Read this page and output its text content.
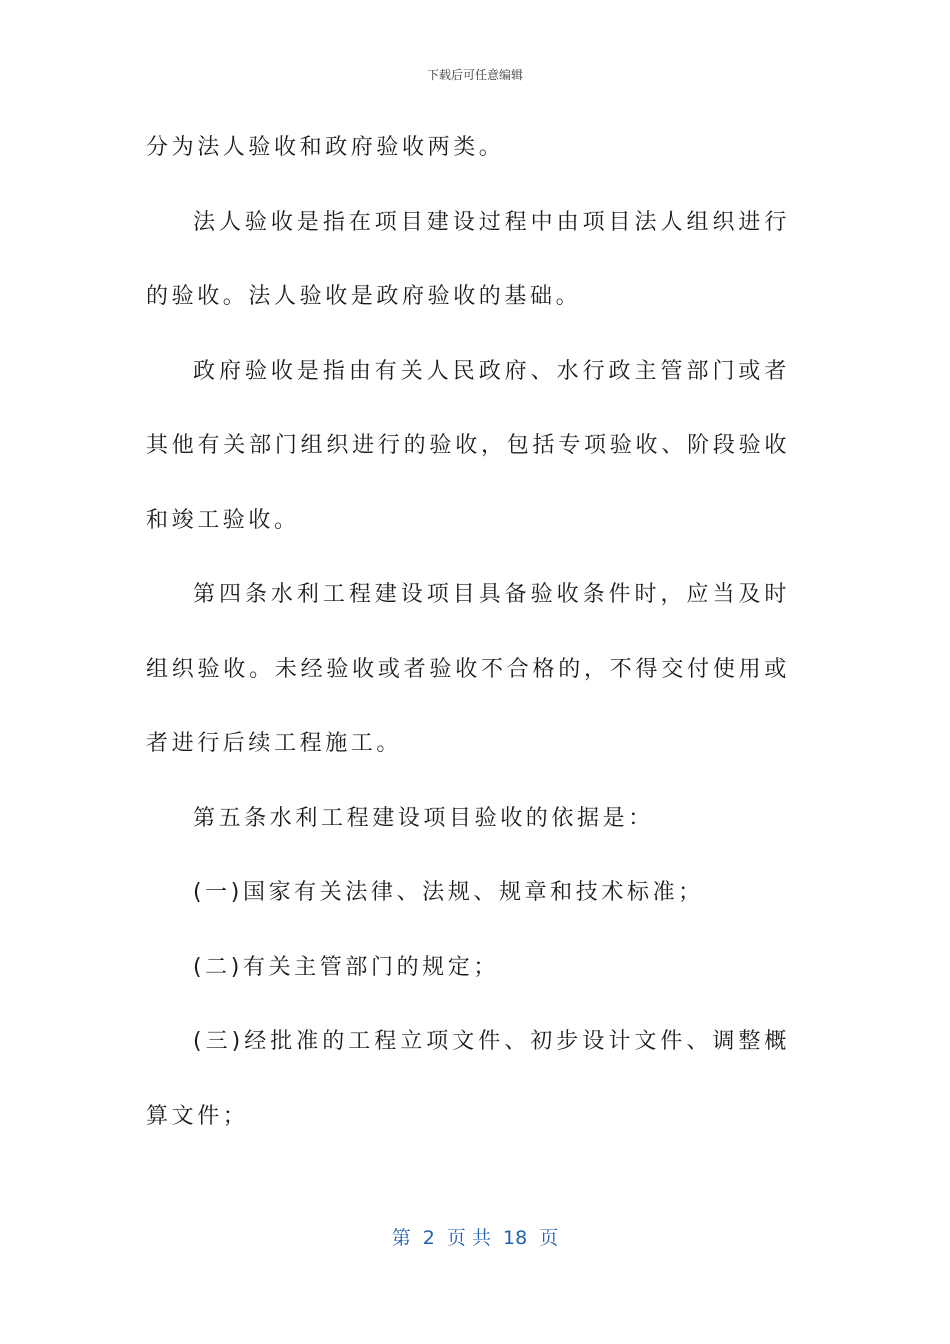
下载后可任意编辑

分为法人验收和政府验收两类。

法人验收是指在项目建设过程中由项目法人组织进行的验收。法人验收是政府验收的基础。

政府验收是指由有关人民政府、水行政主管部门或者其他有关部门组织进行的验收，包括专项验收、阶段验收和竣工验收。

第四条水利工程建设项目具备验收条件时，应当及时组织验收。未经验收或者验收不合格的，不得交付使用或者进行后续工程施工。

第五条水利工程建设项目验收的依据是：

(一)国家有关法律、法规、规章和技术标准；

(二)有关主管部门的规定；

(三)经批准的工程立项文件、初步设计文件、调整概算文件；

第  2  页 共  18  页
